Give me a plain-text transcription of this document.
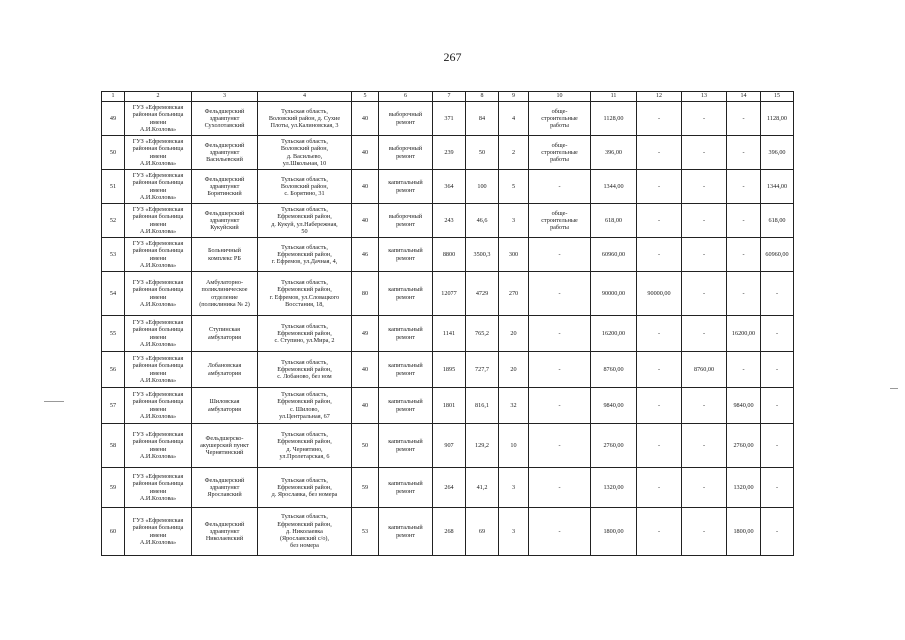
267
1	2	3	4	5	6	7	8	9	10	11	12	13	14	15
49	ГУЗ «Ефремовская
районная больница
имени
А.И.Козлова»	Фельдшерский
здравпункт
Сухолотавский	Тульская область,
Воловский район, д. Сухие
Плоты, ул.Калиновская, 3	40	выборочный
ремонт	371	84	4	обще-
строительные
работы	1128,00	-	-	-	1128,00
50	ГУЗ «Ефремовская
районная больница
имени
А.И.Козлова»	Фельдшерский
здравпункт
Васильевский	Тульская область,
Воловский район,
д. Васильево,
ул.Школьная, 10	40	выборочный
ремонт	239	50	2	обще-
строительные
работы	396,00	-	-	-	396,00
51	ГУЗ «Ефремовская
районная больница
имени
А.И.Козлова»	Фельдшерский
здравпункт
Борятинский	Тульская область,
Воловский район,
с. Борятино, 31	40	капитальный
ремонт	364	100	5	-	1344,00	-	-	-	1344,00
52	ГУЗ «Ефремовская
районная больница
имени
А.И.Козлова»	Фельдшерский
здравпункт
Кукуйский	Тульская область,
Ефремовский район,
д. Кукуй, ул.Набережная,
50	40	выборочный
ремонт	243	46,6	3	обще-
строительные
работы	618,00	-	-	-	618,00
53	ГУЗ «Ефремовская
районная больница
имени
А.И.Козлова»	Больничный
комплекс РБ	Тульская область,
Ефремовский район,
г. Ефремов, ул.Дачная, 4,	46	капитальный
ремонт	8800	3500,3	300	-	60960,00	-	-	-	60960,00
54	ГУЗ «Ефремовская
районная больница
имени
А.И.Козлова»	Амбулаторно-
поликлиническое
отделение
(поликлиника № 2)	Тульская область,
Ефремовский район,
г. Ефремов, ул.Словацкого
Восстания, 18,	80	капитальный
ремонт	12077	4729	270	-	90000,00	90000,00	-	-	-
55	ГУЗ «Ефремовская
районная больница
имени
А.И.Козлова»	Ступинская
амбулатория	Тульская область,
Ефремовский район,
с. Ступино, ул.Мира, 2	49	капитальный
ремонт	1141	765,2	20	-	16200,00	-	-	16200,00	-
56	ГУЗ «Ефремовская
районная больница
имени
А.И.Козлова»	Лобановская
амбулатория	Тульская область,
Ефремовский район,
с. Лобаново, без ном	40	капитальный
ремонт	1895	727,7	20	-	8760,00	-	8760,00	-	-
57	ГУЗ «Ефремовская
районная больница
имени
А.И.Козлова»	Шиловская
амбулатория	Тульская область,
Ефремовский район,
с. Шилово,
ул.Центральная, 67	40	капитальный
ремонт	1801	816,1	32	-	9840,00	-	-	9840,00	-
58	ГУЗ «Ефремовская
районная больница
имени
А.И.Козлова»	Фельдшерско-
акушерский пункт
Чернятинский	Тульская область,
Ефремовский район,
д. Чернятино,
ул.Пролетарская, 6	50	капитальный
ремонт	907	129,2	10	-	2760,00	-	-	2760,00	-
59	ГУЗ «Ефремовская
районная больница
имени
А.И.Козлова»	Фельдшерский
здравпункт
Ярославский	Тульская область,
Ефремовский район,
д. Ярославка, без номера	59	капитальный
ремонт	264	41,2	3	-	1320,00	-	-	1320,00	-
60	ГУЗ «Ефремовская
районная больница
имени
А.И.Козлова»	Фельдшерский
здравпункт
Николаевский	Тульская область,
Ефремовский район,
д. Николаевка
(Ярославский с/о),
без номера	53	капитальный
ремонт	268	69	3	-	1800,00	-	-	1800,00	-
